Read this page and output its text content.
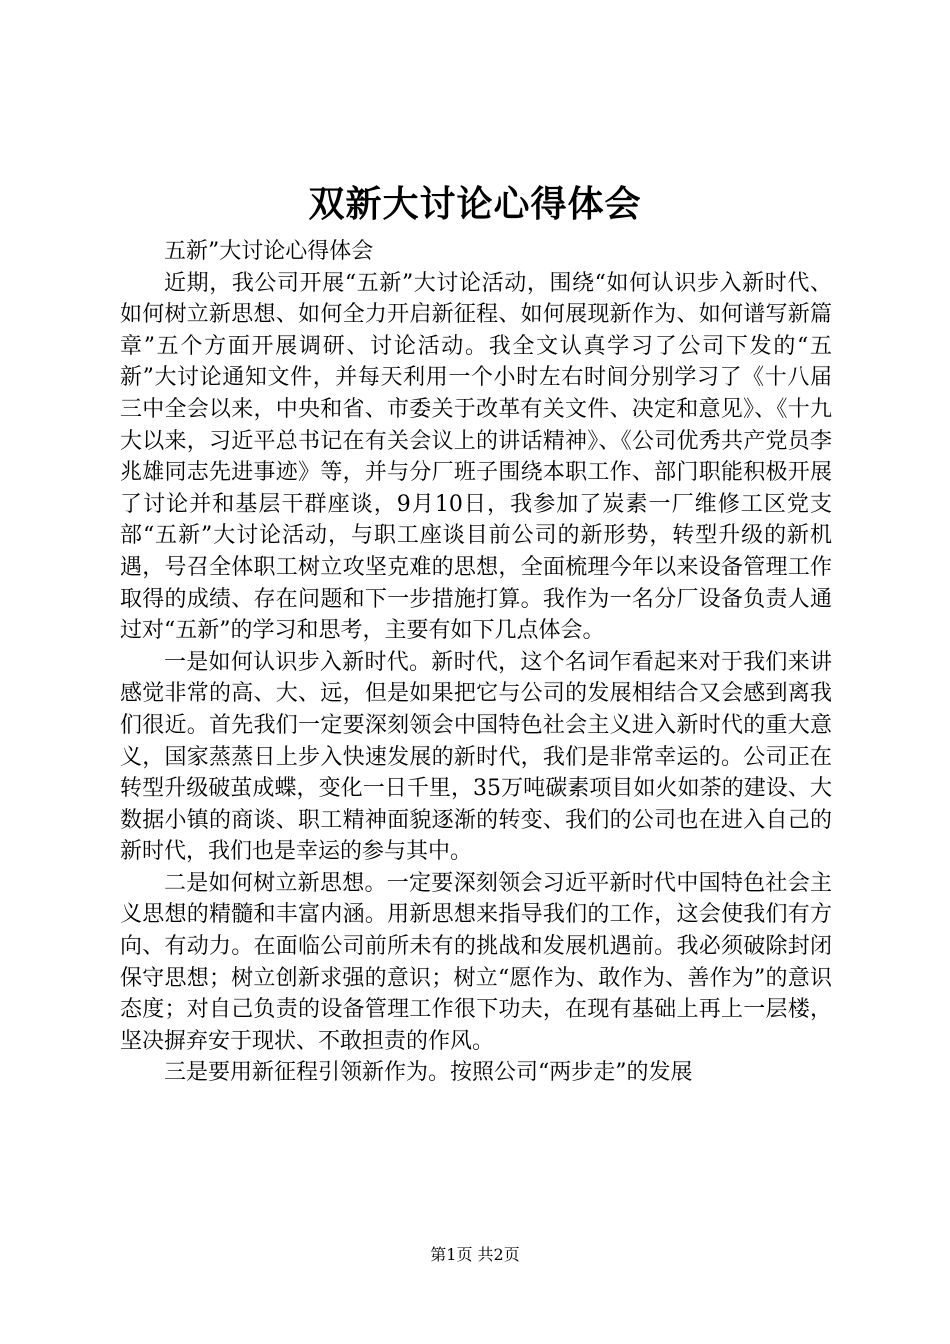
双新大讨论心得体会

五新”大讨论心得体会

近期，我公司开展“五新”大讨论活动，围绕“如何认识步入新时代、如何树立新思想、如何全力开启新征程、如何展现新作为、如何谱写新篇章”五个方面开展调研、讨论活动。我全文认真学习了公司下发的“五新”大讨论通知文件，并每天利用一个小时左右时间分别学习了《十八届三中全会以来，中央和省、市委关于改革有关文件、决定和意见》、《十九大以来，习近平总书记在有关会议上的讲话精神》、《公司优秀共产党员李兆雄同志先进事迹》等，并与分厂班子围绕本职工作、部门职能积极开展了讨论并和基层干群座谈，9月10日，我参加了炭素一厂维修工区党支部“五新”大讨论活动，与职工座谈目前公司的新形势，转型升级的新机遇，号召全体职工树立攻坚克难的思想，全面梳理今年以来设备管理工作取得的成绩、存在问题和下一步措施打算。我作为一名分厂设备负责人通过对“五新”的学习和思考，主要有如下几点体会。

一是如何认识步入新时代。新时代，这个名词乍看起来对于我们来讲感觉非常的高、大、远，但是如果把它与公司的发展相结合又会感到离我们很近。首先我们一定要深刻领会中国特色社会主义进入新时代的重大意义，国家蒸蒸日上步入快速发展的新时代，我们是非常幸运的。公司正在转型升级破茧成蝶，变化一日千里，35万吨碳素项目如火如荼的建设、大数据小镇的商谈、职工精神面貌逐渐的转变、我们的公司也在进入自己的新时代，我们也是幸运的参与其中。

二是如何树立新思想。一定要深刻领会习近平新时代中国特色社会主义思想的精髓和丰富内涵。用新思想来指导我们的工作，这会使我们有方向、有动力。在面临公司前所未有的挑战和发展机遇前。我必须破除封闭保守思想；树立创新求强的意识；树立“愿作为、敢作为、善作为”的意识态度；对自己负责的设备管理工作很下功夫，在现有基础上再上一层楼，坚决摒弃安于现状、不敢担责的作风。

三是要用新征程引领新作为。按照公司“两步走”的发展

第1页 共2页
